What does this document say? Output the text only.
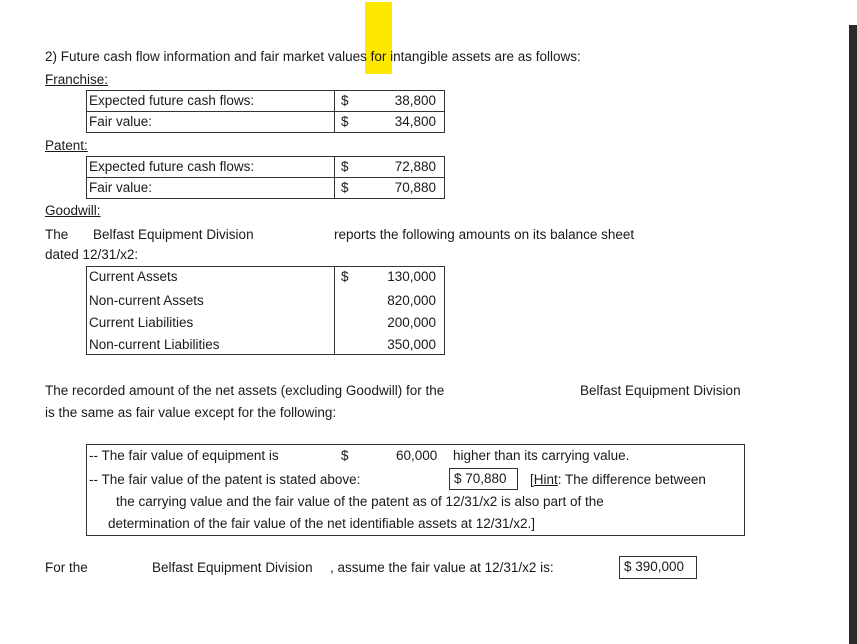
2) Future cash flow information and fair market values for intangible assets are as follows:
Franchise:
Expected future cash flows:	$	38,800
Fair value:	$	34,800
Patent:
Expected future cash flows:	$	72,880
Fair value:	$	70,880
Goodwill:
The Belfast Equipment Division	reports the following amounts on its balance sheet
dated 12/31/x2:
Current Assets	$	130,000
Non-current Assets	820,000
Current Liabilities	200,000
Non-current Liabilities	350,000
The recorded amount of the net assets (excluding Goodwill) for the	Belfast Equipment Division
is the same as fair value except for the following:
-- The fair value of equipment is	$	60,000 higher than its carrying value.
-- The fair value of the patent is stated above:	$ 70,880 [Hint: The difference between
the carrying value and the fair value of the patent as of 12/31/x2 is also part of the
determination of the fair value of the net identifiable assets at 12/31/x2.]
For the	Belfast Equipment Division , assume the fair value at 12/31/x2 is:	$ 390,000
